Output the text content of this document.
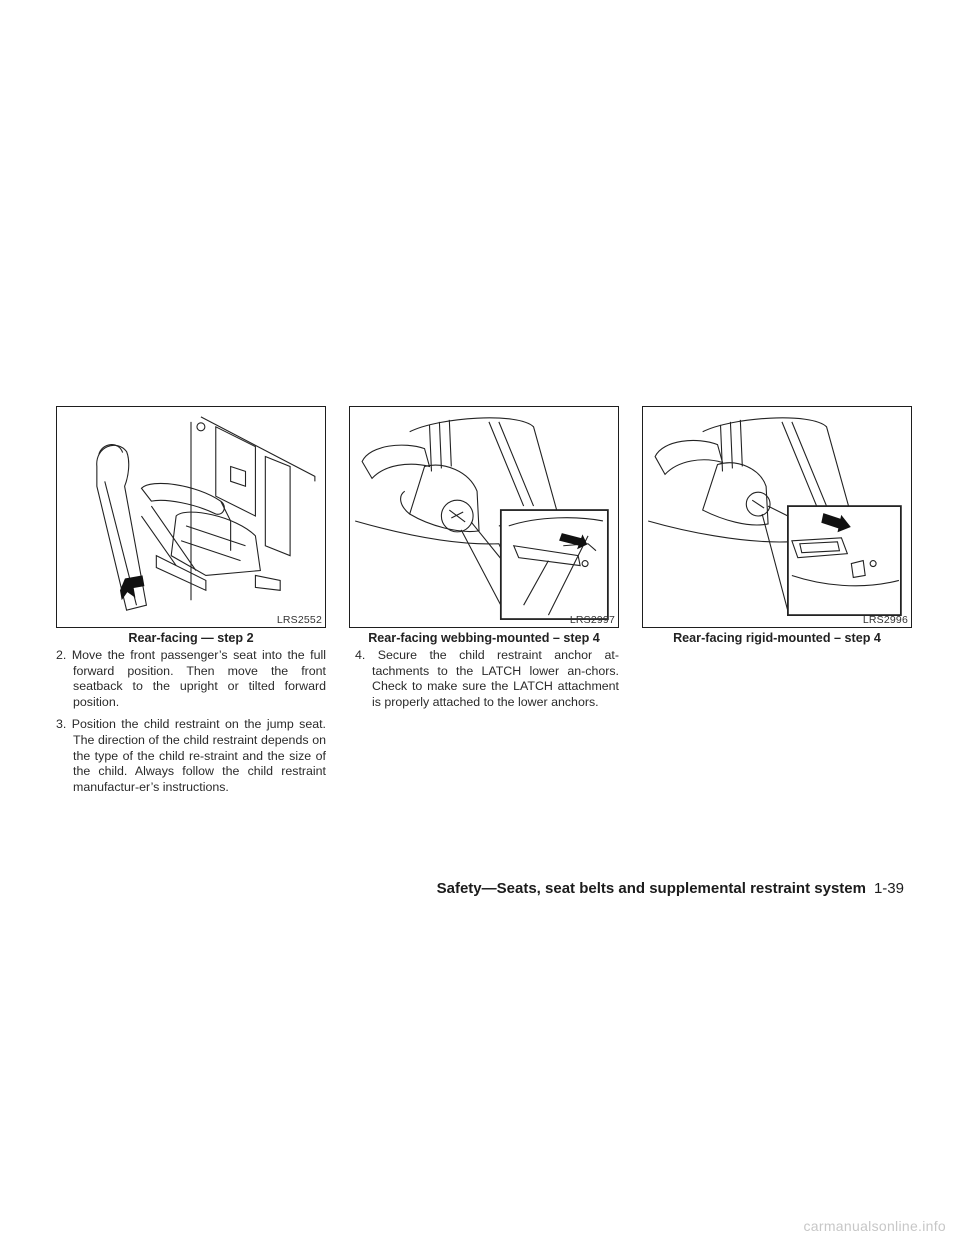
LRS2552	LRS2997	LRS2996
Rear-facing — step 2	Rear-facing webbing-mounted – step 4	Rear-facing rigid-mounted – step 4

2. Move the front passenger’s seat into the full forward position. Then move the front seatback to the upright or tilted forward position.

3. Position the child restraint on the jump seat. The direction of the child restraint depends on the type of the child re-straint and the size of the child. Always follow the child restraint manufactur-er’s instructions.

4. Secure the child restraint anchor at-tachments to the LATCH lower an-chors. Check to make sure the LATCH attachment is properly attached to the lower anchors.

Safety—Seats, seat belts and supplemental restraint system 1-39
carmanualsonline.info
